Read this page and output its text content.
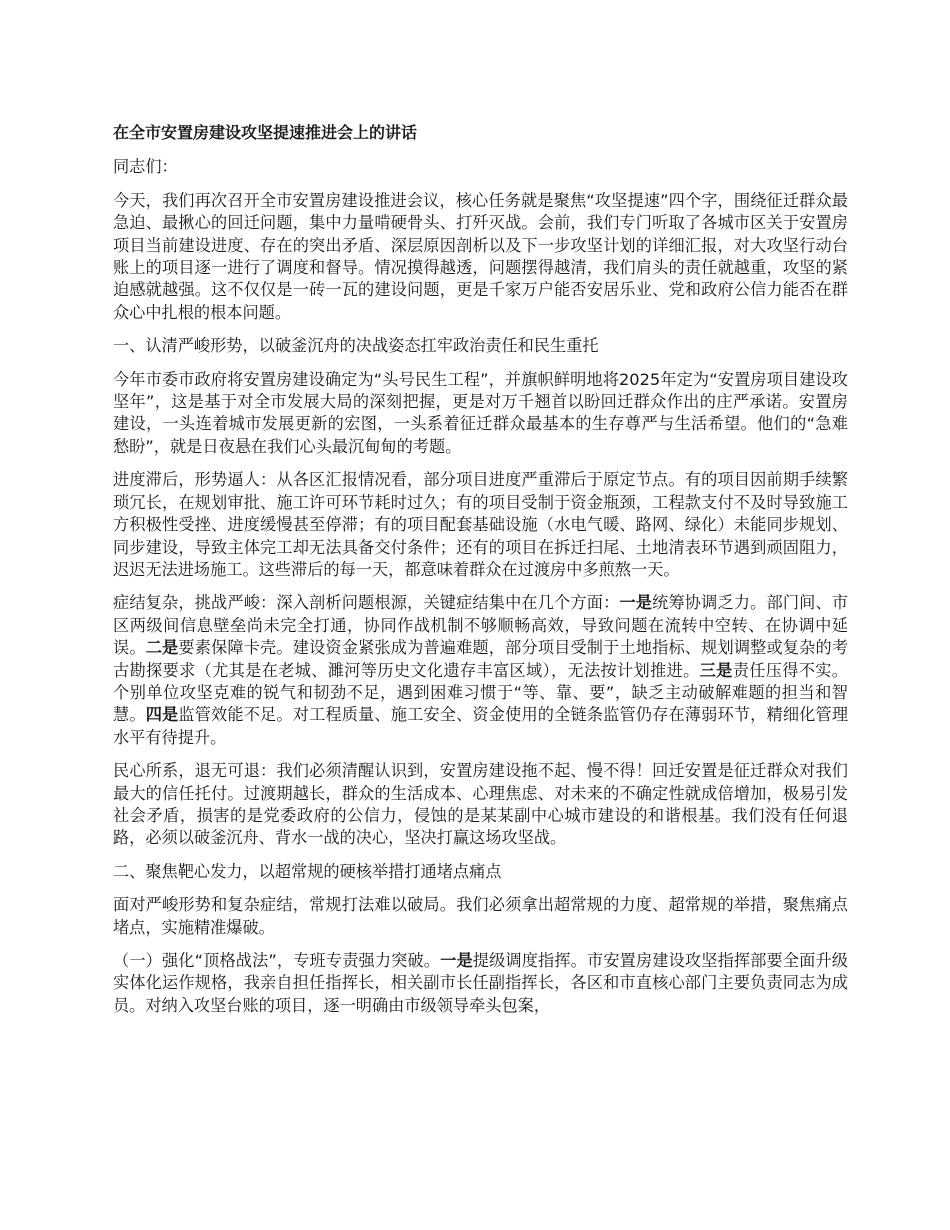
在全市安置房建设攻坚提速推进会上的讲话

同志们：

今天，我们再次召开全市安置房建设推进会议，核心任务就是聚焦“攻坚提速”四个字，围绕征迁群众最急迫、最揪心的回迁问题，集中力量啃硬骨头、打歼灭战。会前，我们专门听取了各城市区关于安置房项目当前建设进度、存在的突出矛盾、深层原因剖析以及下一步攻坚计划的详细汇报，对大攻坚行动台账上的项目逐一进行了调度和督导。情况摸得越透，问题摆得越清，我们肩头的责任就越重，攻坚的紧迫感就越强。这不仅仅是一砖一瓦的建设问题，更是千家万户能否安居乐业、党和政府公信力能否在群众心中扎根的根本问题。

一、认清严峻形势，以破釜沉舟的决战姿态扛牢政治责任和民生重托

今年市委市政府将安置房建设确定为“头号民生工程”，并旗帜鲜明地将2025年定为“安置房项目建设攻坚年”，这是基于对全市发展大局的深刻把握，更是对万千翘首以盼回迁群众作出的庄严承诺。安置房建设，一头连着城市发展更新的宏图，一头系着征迁群众最基本的生存尊严与生活希望。他们的“急难愁盼”，就是日夜悬在我们心头最沉甸甸的考题。

进度滞后，形势逼人：从各区汇报情况看，部分项目进度严重滞后于原定节点。有的项目因前期手续繁琐冗长，在规划审批、施工许可环节耗时过久；有的项目受制于资金瓶颈，工程款支付不及时导致施工方积极性受挫、进度缓慢甚至停滞；有的项目配套基础设施（水电气暖、路网、绿化）未能同步规划、同步建设，导致主体完工却无法具备交付条件；还有的项目在拆迁扫尾、土地清表环节遇到顽固阻力，迟迟无法进场施工。这些滞后的每一天，都意味着群众在过渡房中多煎熬一天。

症结复杂，挑战严峻：深入剖析问题根源，关键症结集中在几个方面：一是统筹协调乏力。部门间、市区两级间信息壁垒尚未完全打通，协同作战机制不够顺畅高效，导致问题在流转中空转、在协调中延误。二是要素保障卡壳。建设资金紧张成为普遍难题，部分项目受制于土地指标、规划调整或复杂的考古勘探要求（尤其是在老城、濉河等历史文化遗存丰富区域），无法按计划推进。三是责任压得不实。个别单位攻坚克难的锐气和韧劲不足，遇到困难习惯于“等、靠、要”，缺乏主动破解难题的担当和智慧。四是监管效能不足。对工程质量、施工安全、资金使用的全链条监管仍存在薄弱环节，精细化管理水平有待提升。

民心所系，退无可退：我们必须清醒认识到，安置房建设拖不起、慢不得！回迁安置是征迁群众对我们最大的信任托付。过渡期越长，群众的生活成本、心理焦虑、对未来的不确定性就成倍增加，极易引发社会矛盾，损害的是党委政府的公信力，侵蚀的是某某副中心城市建设的和谐根基。我们没有任何退路，必须以破釜沉舟、背水一战的决心，坚决打赢这场攻坚战。

二、聚焦靶心发力，以超常规的硬核举措打通堵点痛点

面对严峻形势和复杂症结，常规打法难以破局。我们必须拿出超常规的力度、超常规的举措，聚焦痛点堵点，实施精准爆破。

（一）强化“顶格战法”，专班专责强力突破。一是提级调度指挥。市安置房建设攻坚指挥部要全面升级实体化运作规格，我亲自担任指挥长，相关副市长任副指挥长，各区和市直核心部门主要负责同志为成员。对纳入攻坚台账的项目，逐一明确由市级领导牵头包案，
